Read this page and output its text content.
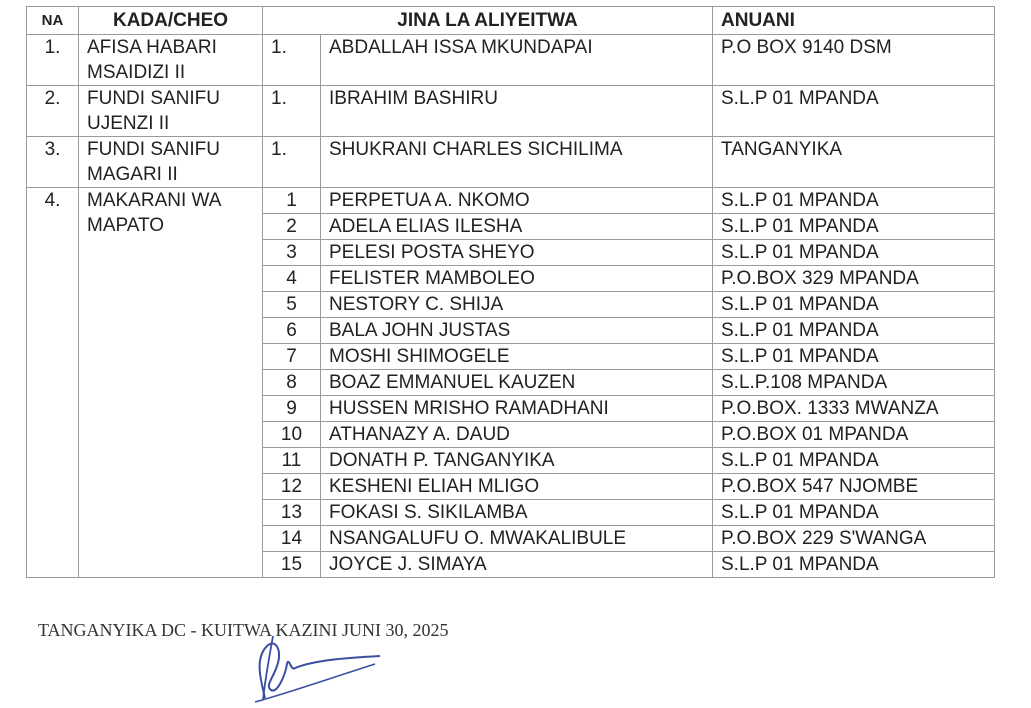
NA	KADA/CHEO	JINA LA ALIYEITWA		ANUANI
1.	AFISA HABARI MSAIDIZI II	1.	ABDALLAH ISSA MKUNDAPAI	P.O BOX 9140 DSM
2.	FUNDI SANIFU UJENZI II	1.	IBRAHIM BASHIRU	S.L.P 01 MPANDA
3.	FUNDI SANIFU MAGARI II	1.	SHUKRANI CHARLES SICHILIMA	TANGANYIKA
4.	MAKARANI WA MAPATO	1	PERPETUA A. NKOMO	S.L.P 01 MPANDA
		2	ADELA ELIAS ILESHA	S.L.P 01 MPANDA
		3	PELESI POSTA SHEYO	S.L.P 01 MPANDA
		4	FELISTER MAMBOLEO	P.O.BOX 329 MPANDA
		5	NESTORY C. SHIJA	S.L.P 01 MPANDA
		6	BALA JOHN JUSTAS	S.L.P 01 MPANDA
		7	MOSHI SHIMOGELE	S.L.P 01 MPANDA
		8	BOAZ EMMANUEL KAUZEN	S.L.P.108 MPANDA
		9	HUSSEN MRISHO RAMADHANI	P.O.BOX. 1333 MWANZA
		10	ATHANAZY A. DAUD	P.O.BOX 01 MPANDA
		11	DONATH P. TANGANYIKA	S.L.P 01 MPANDA
		12	KESHENI ELIAH MLIGO	P.O.BOX 547 NJOMBE
		13	FOKASI S. SIKILAMBA	S.L.P 01 MPANDA
		14	NSANGALUFU O. MWAKALIBULE	P.O.BOX 229 S'WANGA
		15	JOYCE J. SIMAYA	S.L.P 01 MPANDA
TANGANYIKA DC - KUITWA KAZINI JUNI 30, 2025
